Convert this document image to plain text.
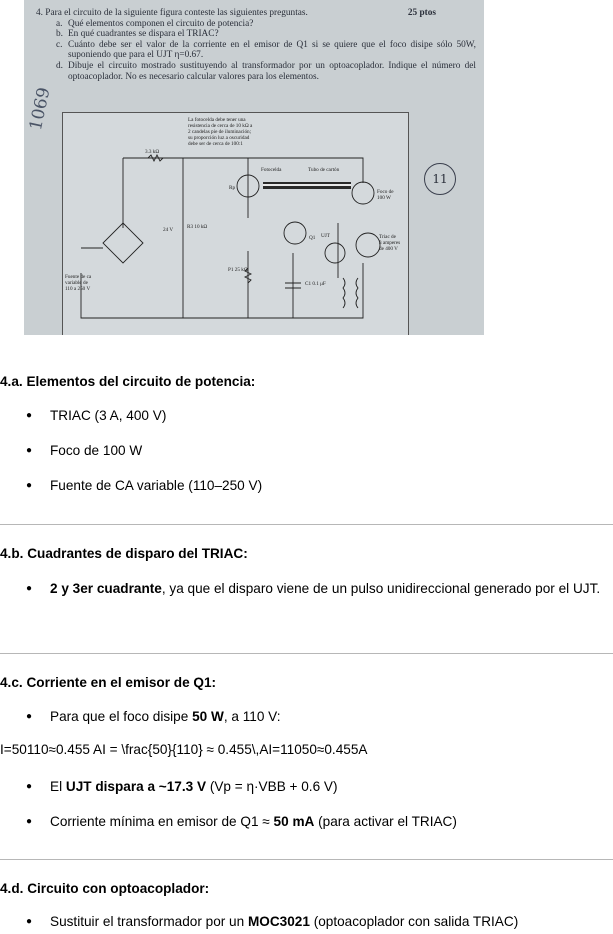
4. Para el circuito de la siguiente figura conteste las siguientes preguntas.	25 ptos
a. Qué elementos componen el circuito de potencia?
b. En qué cuadrantes se dispara el TRIAC?
c. Cuánto debe ser el valor de la corriente en el emisor de Q1 si se quiere que el foco disipe sólo 50W, suponiendo que para el UJT η=0.67.
d. Dibuje el circuito mostrado sustituyendo al transformador por un optoacoplador. Indique el número del optoacoplador. No es necesario calcular valores para los elementos.
1069
11
La fotocelda debe tener una resistencia de cerca de 10 kΩ a 2 candelas pie de iluminación; su proporción luz a oscuridad debe ser de cerca de 100:1
3.3 kΩ
Fotocelda	Tubo de cartón
Rp
Foco de 100 W
24 V	R3 10 kΩ
Q1 UJT	Triac de 3 amperes de 400 V
P1 25 kΩ
C1 0.1 μF
Fuente de ca variable de 110 a 250 V

4.a. Elementos del circuito de potencia:

● TRIAC (3 A, 400 V)
● Foco de 100 W
● Fuente de CA variable (110–250 V)

4.b. Cuadrantes de disparo del TRIAC:

● 2 y 3er cuadrante, ya que el disparo viene de un pulso unidireccional generado por el UJT.

4.c. Corriente en el emisor de Q1:

● Para que el foco disipe 50 W, a 110 V:
I=50110≈0.455 AI = \frac{50}{110} ≈ 0.455\,AI=11050≈0.455A
● El UJT dispara a ~17.3 V (Vp = η·VBB + 0.6 V)
● Corriente mínima en emisor de Q1 ≈ 50 mA (para activar el TRIAC)

4.d. Circuito con optoacoplador:

● Sustituir el transformador por un MOC3021 (optoacoplador con salida TRIAC)
